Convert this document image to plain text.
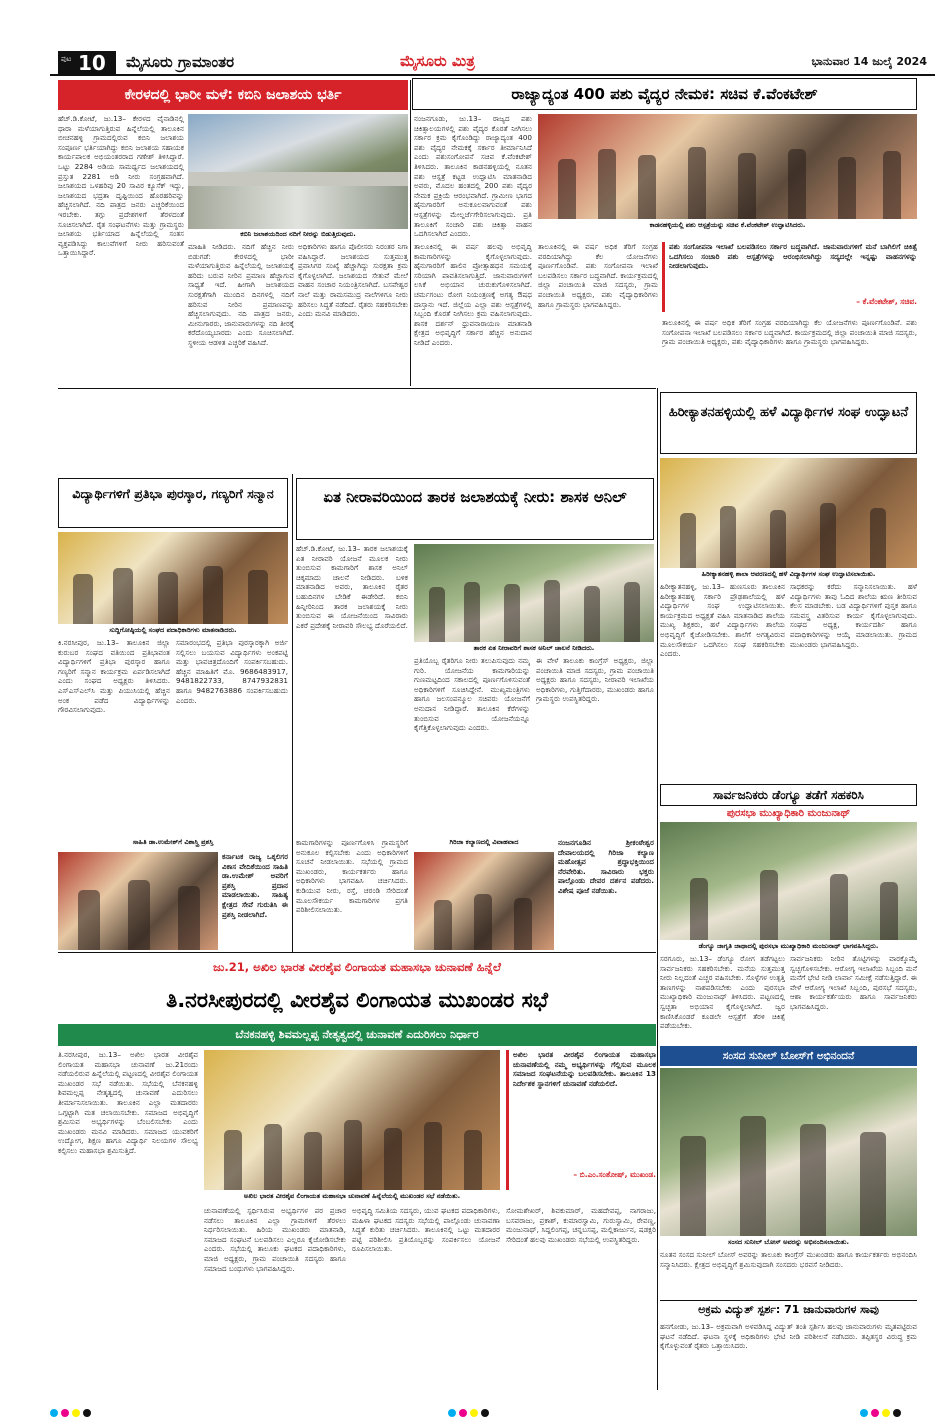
ಪುಟ 10 ಮೈಸೂರು ಗ್ರಾಮಾಂತರ	ಮೈಸೂರು ಮಿತ್ರ	ಭಾನುವಾರ 14 ಜುಲೈ 2024
ಕೇರಳದಲ್ಲಿ ಭಾರೀ ಮಳೆ: ಕಬಿನಿ ಜಲಾಶಯ ಭರ್ತಿ
ಹೆಚ್.ಡಿ.ಕೋಟೆ, ಜು.13– ಕೇರಳದ ವೈನಾಡಿನಲ್ಲಿ ಧಾರಾ ಮಳೆಯಾಗುತ್ತಿರುವ ಹಿನ್ನೆಲೆಯಲ್ಲಿ ತಾಲೂಕಿನ ಬೀಚನಹಳ್ಳಿ ಗ್ರಾಮದಲ್ಲಿರುವ ಕಬಿನಿ ಜಲಾಶಯ ಸಂಪೂರ್ಣ ಭರ್ತಿಯಾಗಿದ್ದು ಕಬಿನಿ ಜಲಾಶಯ ಸಹಾಯಕ ಕಾರ್ಯಪಾಲಕ ಅಭಿಯಂತರರಾದ ಗಣೇಶ್ ತಿಳಿಸಿದ್ದಾರೆ. ಒಟ್ಟು 2284 ಅಡಿಯ ಸಾಮರ್ಥ್ಯದ ಜಲಾಶಯದಲ್ಲಿ ಪ್ರಸ್ತುತ 2281 ಅಡಿ ನೀರು ಸಂಗ್ರಹವಾಗಿದೆ. ಜಲಾಶಯದ ಒಳಹರಿವು 20 ಸಾವಿರ ಕ್ಯೂಸೆಕ್ ಇದ್ದು, ಜಲಾಶಯದ ಭದ್ರತಾ ದೃಷ್ಟಿಯಿಂದ ಹೊರಹರಿವನ್ನು ಹೆಚ್ಚಿಸಲಾಗಿದೆ. ನದಿ ಪಾತ್ರದ ಜನರು ಎಚ್ಚರಿಕೆಯಿಂದ ಇರಬೇಕು. ತಗ್ಗು ಪ್ರದೇಶಗಳಿಗೆ ತೆರಳದಂತೆ ಸೂಚಿಸಲಾಗಿದೆ. ರೈತ ಸಂಘಟನೆಗಳು ಮತ್ತು ಗ್ರಾಮಸ್ಥರು ಜಲಾಶಯ ಭರ್ತಿಯಾದ ಹಿನ್ನೆಲೆಯಲ್ಲಿ ಸಂತಸ ವ್ಯಕ್ತಪಡಿಸಿದ್ದು ಕಾಲುವೆಗಳಿಗೆ ನೀರು ಹರಿಸುವಂತೆ ಒತ್ತಾಯಿಸಿದ್ದಾರೆ.
ಕಬಿನಿ ಜಲಾಶಯದಿಂದ ನದಿಗೆ ನೀರನ್ನು ಬಿಡುತ್ತಿರುವುದು.
ಮಾಹಿತಿ ನೀಡಿದರು. ನದಿಗೆ ಹೆಚ್ಚಿನ ನೀರು ಬಿಡುಗಡೆ: ಕೇರಳದಲ್ಲಿ ಭಾರೀ ಮಳೆಯಾಗುತ್ತಿರುವ ಹಿನ್ನೆಲೆಯಲ್ಲಿ ಜಲಾಶಯಕ್ಕೆ ಹರಿದು ಬರುವ ನೀರಿನ ಪ್ರಮಾಣ ಹೆಚ್ಚಾಗುವ ಸಾಧ್ಯತೆ ಇದೆ. ಹೀಗಾಗಿ ಜಲಾಶಯದ ಸುರಕ್ಷತೆಗಾಗಿ ಮುಂದಿನ ದಿನಗಳಲ್ಲಿ ನದಿಗೆ ಹರಿಸುವ ನೀರಿನ ಪ್ರಮಾಣವನ್ನು ಹೆಚ್ಚಿಸಲಾಗುವುದು. ನದಿ ಪಾತ್ರದ ಜನರು, ಮೀನುಗಾರರು, ಜಾನುವಾರುಗಳನ್ನು ನದಿ ತೀರಕ್ಕೆ ಕರೆದೊಯ್ಯಬಾರದು ಎಂದು ಸೂಚಿಸಲಾಗಿದೆ. ಸ್ಥಳೀಯ ಆಡಳಿತ ಎಚ್ಚರಿಕೆ ವಹಿಸಿದೆ.
ಅಧಿಕಾರಿಗಳು ಹಾಗೂ ಪೊಲೀಸರು ನಿರಂತರ ನಿಗಾ ವಹಿಸಿದ್ದಾರೆ. ಜಲಾಶಯದ ಸುತ್ತಮುತ್ತ ಪ್ರವಾಸಿಗರ ಸಂಖ್ಯೆ ಹೆಚ್ಚಾಗಿದ್ದು ಸುರಕ್ಷತಾ ಕ್ರಮ ಕೈಗೊಳ್ಳಲಾಗಿದೆ. ಜಲಾಶಯದ ಸೇತುವೆ ಮೇಲೆ ವಾಹನ ಸಂಚಾರ ನಿಯಂತ್ರಿಸಲಾಗಿದೆ. ಬಸವೇಶ್ವರ ನಾಲೆ ಮತ್ತು ರಾಮಸಮುದ್ರ ನಾಲೆಗಳಿಗೂ ನೀರು ಹರಿಸಲು ಸಿದ್ಧತೆ ನಡೆದಿದೆ. ರೈತರು ಸಹಕರಿಸಬೇಕು ಎಂದು ಮನವಿ ಮಾಡಿದರು.
ರಾಜ್ಯಾದ್ಯಂತ 400 ಪಶು ವೈದ್ಯರ ನೇಮಕ: ಸಚಿವ ಕೆ.ವೆಂಕಟೇಶ್
ನಂಜನಗೂಡು, ಜು.13– ರಾಜ್ಯದ ಪಶು ಚಿಕಿತ್ಸಾಲಯಗಳಲ್ಲಿ ಪಶು ವೈದ್ಯರ ಕೊರತೆ ನೀಗಿಸಲು ಸರ್ಕಾರ ಕ್ರಮ ಕೈಗೊಂಡಿದ್ದು ರಾಜ್ಯಾದ್ಯಂತ 400 ಪಶು ವೈದ್ಯರ ನೇಮಕಕ್ಕೆ ಸರ್ಕಾರ ತೀರ್ಮಾನಿಸಿದೆ ಎಂದು ಪಶುಸಂಗೋಪನೆ ಸಚಿವ ಕೆ.ವೆಂಕಟೇಶ್ ತಿಳಿಸಿದರು. ತಾಲೂಕಿನ ಕಾಡನಹಳ್ಳಿಯಲ್ಲಿ ನೂತನ ಪಶು ಆಸ್ಪತ್ರೆ ಕಟ್ಟಡ ಉದ್ಘಾಟಿಸಿ ಮಾತನಾಡಿದ ಅವರು, ಮೊದಲ ಹಂತದಲ್ಲಿ 200 ಪಶು ವೈದ್ಯರ ನೇಮಕ ಪ್ರಕ್ರಿಯೆ ಆರಂಭವಾಗಿದೆ. ಗ್ರಾಮೀಣ ಭಾಗದ ಹೈನುಗಾರರಿಗೆ ಅನುಕೂಲವಾಗುವಂತೆ ಪಶು ಆಸ್ಪತ್ರೆಗಳನ್ನು ಮೇಲ್ದರ್ಜೆಗೇರಿಸಲಾಗುವುದು. ಪ್ರತಿ ತಾಲೂಕಿಗೆ ಸಂಚಾರಿ ಪಶು ಚಿಕಿತ್ಸಾ ವಾಹನ ಒದಗಿಸಲಾಗಿದೆ ಎಂದರು.
ಕಾಡನಹಳ್ಳಿಯಲ್ಲಿ ಪಶು ಆಸ್ಪತ್ರೆಯನ್ನು ಸಚಿವ ಕೆ.ವೆಂಕಟೇಶ್ ಉದ್ಘಾಟಿಸಿದರು.
ತಾಲೂಕಿನಲ್ಲಿ ಈ ವರ್ಷ ಹಲವು ಅಭಿವೃದ್ಧಿ ಕಾಮಗಾರಿಗಳನ್ನು ಕೈಗೊಳ್ಳಲಾಗುವುದು. ಹೈನುಗಾರರಿಗೆ ಹಾಲಿನ ಪ್ರೋತ್ಸಾಹಧನ ಸಮಯಕ್ಕೆ ಸರಿಯಾಗಿ ಪಾವತಿಸಲಾಗುತ್ತಿದೆ. ಜಾನುವಾರುಗಳಿಗೆ ಲಸಿಕೆ ಅಭಿಯಾನ ಚುರುಕುಗೊಳಿಸಲಾಗಿದೆ. ಚರ್ಮಗಂಟು ರೋಗ ನಿಯಂತ್ರಣಕ್ಕೆ ಅಗತ್ಯ ಔಷಧ ದಾಸ್ತಾನು ಇದೆ. ಜಿಲ್ಲೆಯ ಎಲ್ಲಾ ಪಶು ಆಸ್ಪತ್ರೆಗಳಲ್ಲಿ ಸಿಬ್ಬಂದಿ ಕೊರತೆ ನೀಗಿಸಲು ಕ್ರಮ ವಹಿಸಲಾಗುವುದು. ಶಾಸಕ ದರ್ಶನ್ ಧ್ರುವನಾರಾಯಣ ಮಾತನಾಡಿ ಕ್ಷೇತ್ರದ ಅಭಿವೃದ್ಧಿಗೆ ಸರ್ಕಾರ ಹೆಚ್ಚಿನ ಅನುದಾನ ನೀಡಿದೆ ಎಂದರು.
ತಾಲೂಕಿನಲ್ಲಿ ಈ ವರ್ಷ ಅಧಿಕ ತೆರಿಗೆ ಸಂಗ್ರಹ ವರದಿಯಾಗಿದ್ದು ಕೆಲ ಯೋಜನೆಗಳು ಪೂರ್ಣಗೊಂಡಿವೆ. ಪಶು ಸಂಗೋಪನಾ ಇಲಾಖೆ ಬಲಪಡಿಸಲು ಸರ್ಕಾರ ಬದ್ಧವಾಗಿದೆ. ಕಾರ್ಯಕ್ರಮದಲ್ಲಿ ಜಿಲ್ಲಾ ಪಂಚಾಯಿತಿ ಮಾಜಿ ಸದಸ್ಯರು, ಗ್ರಾಮ ಪಂಚಾಯಿತಿ ಅಧ್ಯಕ್ಷರು, ಪಶು ವೈದ್ಯಾಧಿಕಾರಿಗಳು ಹಾಗೂ ಗ್ರಾಮಸ್ಥರು ಭಾಗವಹಿಸಿದ್ದರು.
ಪಶು ಸಂಗೋಪನಾ ಇಲಾಖೆ ಬಲಪಡಿಸಲು ಸರ್ಕಾರ ಬದ್ಧವಾಗಿದೆ. ಜಾನುವಾರುಗಳಿಗೆ ಮನೆ ಬಾಗಿಲಿಗೆ ಚಿಕಿತ್ಸೆ ಒದಗಿಸಲು ಸಂಚಾರಿ ಪಶು ಆಸ್ಪತ್ರೆಗಳನ್ನು ಆರಂಭಿಸಲಾಗಿದ್ದು ಸದ್ಯದಲ್ಲೇ ಇನ್ನಷ್ಟು ವಾಹನಗಳನ್ನು ನೀಡಲಾಗುವುದು.
– ಕೆ.ವೆಂಕಟೇಶ್, ಸಚಿವ.
ತಾಲೂಕಿನಲ್ಲಿ ಈ ವರ್ಷ ಅಧಿಕ ತೆರಿಗೆ ಸಂಗ್ರಹ ವರದಿಯಾಗಿದ್ದು ಕೆಲ ಯೋಜನೆಗಳು ಪೂರ್ಣಗೊಂಡಿವೆ. ಪಶು ಸಂಗೋಪನಾ ಇಲಾಖೆ ಬಲಪಡಿಸಲು ಸರ್ಕಾರ ಬದ್ಧವಾಗಿದೆ. ಕಾರ್ಯಕ್ರಮದಲ್ಲಿ ಜಿಲ್ಲಾ ಪಂಚಾಯಿತಿ ಮಾಜಿ ಸದಸ್ಯರು, ಗ್ರಾಮ ಪಂಚಾಯಿತಿ ಅಧ್ಯಕ್ಷರು, ಪಶು ವೈದ್ಯಾಧಿಕಾರಿಗಳು ಹಾಗೂ ಗ್ರಾಮಸ್ಥರು ಭಾಗವಹಿಸಿದ್ದರು.
ಹಿರೀಕ್ಯಾತನಹಳ್ಳಿಯಲ್ಲಿ ಹಳೆ ವಿದ್ಯಾರ್ಥಿಗಳ ಸಂಘ ಉದ್ಘಾಟನೆ
ಹಿರೀಕ್ಯಾತನಹಳ್ಳಿ ಶಾಲಾ ಆವರಣದಲ್ಲಿ ಹಳೆ ವಿದ್ಯಾರ್ಥಿಗಳ ಸಂಘ ಉದ್ಘಾಟಿಸಲಾಯಿತು.
ಹಿರೀಕ್ಯಾತನಹಳ್ಳಿ, ಜು.13– ಹುಣಸೂರು ತಾಲೂಕಿನ ಹಿರೀಕ್ಯಾತನಹಳ್ಳಿ ಸರ್ಕಾರಿ ಪ್ರೌಢಶಾಲೆಯಲ್ಲಿ ಹಳೆ ವಿದ್ಯಾರ್ಥಿಗಳ ಸಂಘ ಉದ್ಘಾಟಿಸಲಾಯಿತು. ಕಾರ್ಯಕ್ರಮದ ಅಧ್ಯಕ್ಷತೆ ವಹಿಸಿ ಮಾತನಾಡಿದ ಶಾಲೆಯ ಮುಖ್ಯ ಶಿಕ್ಷಕರು, ಹಳೆ ವಿದ್ಯಾರ್ಥಿಗಳು ಶಾಲೆಯ ಅಭಿವೃದ್ಧಿಗೆ ಕೈಜೋಡಿಸಬೇಕು. ಶಾಲೆಗೆ ಅಗತ್ಯವಿರುವ ಮೂಲಸೌಕರ್ಯ ಒದಗಿಸಲು ಸಂಘ ಸಹಕರಿಸಬೇಕು ಎಂದರು.
ಸಾಧಕರನ್ನು ಕರೆದು ಸನ್ಮಾನಿಸಲಾಯಿತು. ಹಳೆ ವಿದ್ಯಾರ್ಥಿಗಳು ತಾವು ಓದಿದ ಶಾಲೆಯ ಋಣ ತೀರಿಸುವ ಕೆಲಸ ಮಾಡಬೇಕು. ಬಡ ವಿದ್ಯಾರ್ಥಿಗಳಿಗೆ ಪುಸ್ತಕ ಹಾಗೂ ಸಮವಸ್ತ್ರ ವಿತರಿಸುವ ಕಾರ್ಯ ಕೈಗೊಳ್ಳಲಾಗುವುದು. ಸಂಘದ ಅಧ್ಯಕ್ಷ, ಕಾರ್ಯದರ್ಶಿ ಹಾಗೂ ಪದಾಧಿಕಾರಿಗಳನ್ನು ಆಯ್ಕೆ ಮಾಡಲಾಯಿತು. ಗ್ರಾಮದ ಮುಖಂಡರು ಭಾಗವಹಿಸಿದ್ದರು.
ವಿದ್ಯಾರ್ಥಿಗಳಿಗೆ ಪ್ರತಿಭಾ ಪುರಸ್ಕಾರ, ಗಣ್ಯರಿಗೆ ಸನ್ಮಾನ
ಸುದ್ದಿಗೋಷ್ಠಿಯಲ್ಲಿ ಸಂಘದ ಪದಾಧಿಕಾರಿಗಳು ಮಾತನಾಡಿದರು.
ಕಿ.ನರಸೀಪುರ, ಜು.13– ತಾಲೂಕಿನ ಜಿಲ್ಲಾ ಕುರುಬರ ಸಂಘದ ವತಿಯಿಂದ ಪ್ರತಿಭಾವಂತ ವಿದ್ಯಾರ್ಥಿಗಳಿಗೆ ಪ್ರತಿಭಾ ಪುರಸ್ಕಾರ ಹಾಗೂ ಗಣ್ಯರಿಗೆ ಸನ್ಮಾನ ಕಾರ್ಯಕ್ರಮ ಏರ್ಪಡಿಸಲಾಗಿದೆ ಎಂದು ಸಂಘದ ಅಧ್ಯಕ್ಷರು ತಿಳಿಸಿದರು. ಎಸ್ಎಸ್ಎಲ್‌ಸಿ ಮತ್ತು ಪಿಯುಸಿಯಲ್ಲಿ ಹೆಚ್ಚಿನ ಅಂಕ ಪಡೆದ ವಿದ್ಯಾರ್ಥಿಗಳನ್ನು ಗೌರವಿಸಲಾಗುವುದು.
ಸಮಾರಂಭದಲ್ಲಿ ಪ್ರತಿಭಾ ಪುರಸ್ಕಾರಕ್ಕಾಗಿ ಅರ್ಜಿ ಸಲ್ಲಿಸಲು ಬಯಸುವ ವಿದ್ಯಾರ್ಥಿಗಳು ಅಂಕಪಟ್ಟಿ ಮತ್ತು ಭಾವಚಿತ್ರದೊಂದಿಗೆ ಸಂಪರ್ಕಿಸಬಹುದು. ಹೆಚ್ಚಿನ ಮಾಹಿತಿಗೆ ಮೊ. 9686483917, 9481822733, 8747932831 ಹಾಗೂ 9482763886 ಸಂಪರ್ಕಿಸಬಹುದು ಎಂದರು.
ಸಾಹಿತಿ ಡಾ.ಉಮೇಶ್‌ಗೆ ವಿಶಾಸ್ತ್ರಿ ಪ್ರಶಸ್ತಿ
ಕರ್ನಾಟಕ ರಾಜ್ಯ ಒಕ್ಕಲಿಗರ ವಿಕಾಸ ವೇದಿಕೆಯಿಂದ ಸಾಹಿತಿ ಡಾ.ಉಮೇಶ್ ಅವರಿಗೆ ಪ್ರಶಸ್ತಿ ಪ್ರದಾನ ಮಾಡಲಾಯಿತು. ಸಾಹಿತ್ಯ ಕ್ಷೇತ್ರದ ಸೇವೆ ಗುರುತಿಸಿ ಈ ಪ್ರಶಸ್ತಿ ನೀಡಲಾಗಿದೆ.
ಏತ ನೀರಾವರಿಯಿಂದ ತಾರಕ ಜಲಾಶಯಕ್ಕೆ ನೀರು: ಶಾಸಕ ಅನಿಲ್
ಹೆಚ್.ಡಿ.ಕೋಟೆ, ಜು.13– ತಾರಕ ಜಲಾಶಯಕ್ಕೆ ಏತ ನೀರಾವರಿ ಯೋಜನೆ ಮೂಲಕ ನೀರು ತುಂಬಿಸುವ ಕಾಮಗಾರಿಗೆ ಶಾಸಕ ಅನಿಲ್ ಚಿಕ್ಕಮಾದು ಚಾಲನೆ ನೀಡಿದರು. ಬಳಿಕ ಮಾತನಾಡಿದ ಅವರು, ತಾಲೂಕಿನ ರೈತರ ಬಹುದಿನಗಳ ಬೇಡಿಕೆ ಈಡೇರಿದೆ. ಕಬಿನಿ ಹಿನ್ನೀರಿನಿಂದ ತಾರಕ ಜಲಾಶಯಕ್ಕೆ ನೀರು ತುಂಬಿಸುವ ಈ ಯೋಜನೆಯಿಂದ ಸಾವಿರಾರು ಎಕರೆ ಪ್ರದೇಶಕ್ಕೆ ನೀರಾವರಿ ಸೌಲಭ್ಯ ದೊರೆಯಲಿದೆ.
ತಾರಕ ಏತ ನೀರಾವರಿಗೆ ಶಾಸಕ ಅನಿಲ್ ಚಾಲನೆ ನೀಡಿದರು.
ಪ್ರತಿಯೊಬ್ಬ ರೈತರಿಗೂ ನೀರು ತಲುಪಿಸುವುದು ನಮ್ಮ ಗುರಿ. ಯೋಜನೆಯ ಕಾಮಗಾರಿಯನ್ನು ಗುಣಮಟ್ಟದಿಂದ ಸಕಾಲದಲ್ಲಿ ಪೂರ್ಣಗೊಳಿಸುವಂತೆ ಅಧಿಕಾರಿಗಳಿಗೆ ಸೂಚಿಸಿದ್ದೇನೆ. ಮುಖ್ಯಮಂತ್ರಿಗಳು ಹಾಗೂ ಜಲಸಂಪನ್ಮೂಲ ಸಚಿವರು ಯೋಜನೆಗೆ ಅನುದಾನ ನೀಡಿದ್ದಾರೆ. ತಾಲೂಕಿನ ಕೆರೆಗಳನ್ನು ತುಂಬಿಸುವ ಯೋಜನೆಯನ್ನೂ ಕೈಗೆತ್ತಿಕೊಳ್ಳಲಾಗುವುದು ಎಂದರು.
ಈ ವೇಳೆ ತಾಲೂಕು ಕಾಂಗ್ರೆಸ್ ಅಧ್ಯಕ್ಷರು, ಜಿಲ್ಲಾ ಪಂಚಾಯಿತಿ ಮಾಜಿ ಸದಸ್ಯರು, ಗ್ರಾಮ ಪಂಚಾಯಿತಿ ಅಧ್ಯಕ್ಷರು ಹಾಗೂ ಸದಸ್ಯರು, ನೀರಾವರಿ ಇಲಾಖೆಯ ಅಧಿಕಾರಿಗಳು, ಗುತ್ತಿಗೆದಾರರು, ಮುಖಂಡರು ಹಾಗೂ ಗ್ರಾಮಸ್ಥರು ಉಪಸ್ಥಿತರಿದ್ದರು.
ಕಾಮಗಾರಿಗಳನ್ನು ಪೂರ್ಣಗೊಳಿಸಿ ಗ್ರಾಮಸ್ಥರಿಗೆ ಅನುಕೂಲ ಕಲ್ಪಿಸಬೇಕು ಎಂದು ಅಧಿಕಾರಿಗಳಿಗೆ ಸೂಚನೆ ನೀಡಲಾಯಿತು. ಸಭೆಯಲ್ಲಿ ಗ್ರಾಮದ ಮುಖಂಡರು, ಕಾರ್ಯಕರ್ತರು ಹಾಗೂ ಅಧಿಕಾರಿಗಳು ಭಾಗವಹಿಸಿ ಚರ್ಚಿಸಿದರು. ಕುಡಿಯುವ ನೀರು, ರಸ್ತೆ, ಚರಂಡಿ ಸೇರಿದಂತೆ ಮೂಲಸೌಕರ್ಯ ಕಾಮಗಾರಿಗಳ ಪ್ರಗತಿ ಪರಿಶೀಲಿಸಲಾಯಿತು.
ಗಿರಿಜಾ ಕಲ್ಯಾಣದಲ್ಲಿ ವಿವಾಹವಾದ	ನಂಜನಗೂಡಿನ ಶ್ರೀಕಂಠೇಶ್ವರ ದೇವಾಲಯದಲ್ಲಿ ಗಿರಿಜಾ ಕಲ್ಯಾಣ ಮಹೋತ್ಸವ ಶ್ರದ್ಧಾಭಕ್ತಿಯಿಂದ ನೆರವೇರಿತು. ಸಾವಿರಾರು ಭಕ್ತರು ಪಾಲ್ಗೊಂಡು ದೇವರ ದರ್ಶನ ಪಡೆದರು. ವಿಶೇಷ ಪೂಜೆ ನಡೆಯಿತು.
ಸಾರ್ವಜನಿಕರು ಡೆಂಗ್ಯೂ ತಡೆಗೆ ಸಹಕರಿಸಿ
ಪುರಸಭಾ ಮುಖ್ಯಾಧಿಕಾರಿ ಮಂಜುನಾಥ್
ಡೆಂಗ್ಯೂ ಜಾಗೃತಿ ಜಾಥಾದಲ್ಲಿ ಪುರಸಭಾ ಮುಖ್ಯಾಧಿಕಾರಿ ಮಂಜುನಾಥ್ ಭಾಗವಹಿಸಿದ್ದರು.
ಸರಗೂರು, ಜು.13– ಡೆಂಗ್ಯೂ ರೋಗ ತಡೆಗಟ್ಟಲು ಸಾರ್ವಜನಿಕರು ಸಹಕರಿಸಬೇಕು. ಮನೆಯ ಸುತ್ತಮುತ್ತ ನೀರು ನಿಲ್ಲದಂತೆ ಎಚ್ಚರ ವಹಿಸಬೇಕು. ಸೊಳ್ಳೆಗಳ ಉತ್ಪತ್ತಿ ತಾಣಗಳನ್ನು ನಾಶಪಡಿಸಬೇಕು ಎಂದು ಪುರಸಭಾ ಮುಖ್ಯಾಧಿಕಾರಿ ಮಂಜುನಾಥ್ ತಿಳಿಸಿದರು. ಪಟ್ಟಣದಲ್ಲಿ ಸ್ವಚ್ಛತಾ ಅಭಿಯಾನ ಕೈಗೊಳ್ಳಲಾಗಿದೆ. ಜ್ವರ ಕಾಣಿಸಿಕೊಂಡರೆ ಕೂಡಲೇ ಆಸ್ಪತ್ರೆಗೆ ತೆರಳಿ ಚಿಕಿತ್ಸೆ ಪಡೆಯಬೇಕು.
ಸಾರ್ವಜನಿಕರು ನೀರಿನ ತೊಟ್ಟಿಗಳನ್ನು ವಾರಕ್ಕೊಮ್ಮೆ ಸ್ವಚ್ಛಗೊಳಿಸಬೇಕು. ಆರೋಗ್ಯ ಇಲಾಖೆಯ ಸಿಬ್ಬಂದಿ ಮನೆ ಮನೆಗೆ ಭೇಟಿ ನೀಡಿ ಲಾರ್ವಾ ಸಮೀಕ್ಷೆ ನಡೆಸುತ್ತಿದ್ದಾರೆ. ಈ ವೇಳೆ ಆರೋಗ್ಯ ಇಲಾಖೆ ಸಿಬ್ಬಂದಿ, ಪುರಸಭೆ ಸದಸ್ಯರು, ಆಶಾ ಕಾರ್ಯಕರ್ತೆಯರು ಹಾಗೂ ಸಾರ್ವಜನಿಕರು ಭಾಗವಹಿಸಿದ್ದರು.
ಜು.21, ಅಖಿಲ ಭಾರತ ವೀರಶೈವ ಲಿಂಗಾಯತ ಮಹಾಸಭಾ ಚುನಾವಣೆ ಹಿನ್ನೆಲೆ
ತಿ.ನರಸೀಪುರದಲ್ಲಿ ವೀರಶೈವ ಲಿಂಗಾಯತ ಮುಖಂಡರ ಸಭೆ
ಬೆನಕನಹಳ್ಳಿ ಶಿವಮಲ್ಲಪ್ಪ ನೇತೃತ್ವದಲ್ಲಿ ಚುನಾವಣೆ ಎದುರಿಸಲು ನಿರ್ಧಾರ
ತಿ.ನರಸೀಪುರ, ಜು.13– ಅಖಿಲ ಭಾರತ ವೀರಶೈವ ಲಿಂಗಾಯತ ಮಹಾಸಭಾ ಚುನಾವಣೆ ಜು.21ರಂದು ನಡೆಯಲಿರುವ ಹಿನ್ನೆಲೆಯಲ್ಲಿ ಪಟ್ಟಣದಲ್ಲಿ ವೀರಶೈವ ಲಿಂಗಾಯತ ಮುಖಂಡರ ಸಭೆ ನಡೆಯಿತು. ಸಭೆಯಲ್ಲಿ ಬೆನಕನಹಳ್ಳಿ ಶಿವಮಲ್ಲಪ್ಪ ನೇತೃತ್ವದಲ್ಲಿ ಚುನಾವಣೆ ಎದುರಿಸಲು ತೀರ್ಮಾನಿಸಲಾಯಿತು. ತಾಲೂಕಿನ ಎಲ್ಲಾ ಮತದಾರರು ಒಗ್ಗಟ್ಟಾಗಿ ಮತ ಚಲಾಯಿಸಬೇಕು. ಸಮಾಜದ ಅಭಿವೃದ್ಧಿಗೆ ಶ್ರಮಿಸುವ ಅಭ್ಯರ್ಥಿಗಳನ್ನು ಬೆಂಬಲಿಸಬೇಕು ಎಂದು ಮುಖಂಡರು ಮನವಿ ಮಾಡಿದರು. ಸಮಾಜದ ಯುವಕರಿಗೆ ಉದ್ಯೋಗ, ಶಿಕ್ಷಣ ಹಾಗೂ ವಿದ್ಯಾರ್ಥಿ ನಿಲಯಗಳ ಸೌಲಭ್ಯ ಕಲ್ಪಿಸಲು ಮಹಾಸಭಾ ಶ್ರಮಿಸುತ್ತಿದೆ.
ಅಖಿಲ ಭಾರತ ವೀರಶೈವ ಲಿಂಗಾಯತ ಮಹಾಸಭಾ ಚುನಾವಣೆ ಹಿನ್ನೆಲೆಯಲ್ಲಿ ಮುಖಂಡರ ಸಭೆ ನಡೆಯಿತು.
ಅಖಿಲ ಭಾರತ ವೀರಶೈವ ಲಿಂಗಾಯತ ಮಹಾಸಭಾ ಚುನಾವಣೆಯಲ್ಲಿ ನಮ್ಮ ಅಭ್ಯರ್ಥಿಗಳನ್ನು ಗೆಲ್ಲಿಸುವ ಮೂಲಕ ಸಮಾಜದ ಸಂಘಟನೆಯನ್ನು ಬಲಪಡಿಸಬೇಕು. ತಾಲೂಕಿನ 13 ನಿರ್ದೇಶಕ ಸ್ಥಾನಗಳಿಗೆ ಚುನಾವಣೆ ನಡೆಯಲಿದೆ.
– ಬಿ.ಎಂ.ಸಂತೋಷ್, ಮುಖಂಡ.
ಚುನಾವಣೆಯಲ್ಲಿ ಸ್ಪರ್ಧಿಸಿರುವ ಅಭ್ಯರ್ಥಿಗಳ ಪರ ಪ್ರಚಾರ ನಡೆಸಲು ತಾಲೂಕಿನ ಎಲ್ಲಾ ಗ್ರಾಮಗಳಿಗೆ ತೆರಳಲು ನಿರ್ಧರಿಸಲಾಯಿತು. ಹಿರಿಯ ಮುಖಂಡರು ಮಾತನಾಡಿ, ಸಮಾಜದ ಸಂಘಟನೆ ಬಲಪಡಿಸಲು ಎಲ್ಲರೂ ಕೈಜೋಡಿಸಬೇಕು ಎಂದರು. ಸಭೆಯಲ್ಲಿ ತಾಲೂಕು ಘಟಕದ ಪದಾಧಿಕಾರಿಗಳು, ಮಾಜಿ ಅಧ್ಯಕ್ಷರು, ಗ್ರಾಮ ಪಂಚಾಯಿತಿ ಸದಸ್ಯರು ಹಾಗೂ ಸಮಾಜದ ಬಂಧುಗಳು ಭಾಗವಹಿಸಿದ್ದರು.
ಅಭಿವೃದ್ಧಿ ಸಮಿತಿಯ ಸದಸ್ಯರು, ಯುವ ಘಟಕದ ಪದಾಧಿಕಾರಿಗಳು, ಮಹಿಳಾ ಘಟಕದ ಸದಸ್ಯರು ಸಭೆಯಲ್ಲಿ ಪಾಲ್ಗೊಂಡು ಚುನಾವಣಾ ಸಿದ್ಧತೆ ಕುರಿತು ಚರ್ಚಿಸಿದರು. ತಾಲೂಕಿನಲ್ಲಿ ಒಟ್ಟು ಮತದಾರರ ಪಟ್ಟಿ ಪರಿಶೀಲಿಸಿ ಪ್ರತಿಯೊಬ್ಬರನ್ನು ಸಂಪರ್ಕಿಸಲು ಯೋಜನೆ ರೂಪಿಸಲಾಯಿತು.
ಸೋಮಶೇಖರ್, ಶಿವಕುಮಾರ್, ಮಹದೇವಪ್ಪ, ನಾಗರಾಜು, ಬಸವರಾಜು, ಪ್ರಕಾಶ್, ಕುಮಾರಸ್ವಾಮಿ, ಗುರುಸ್ವಾಮಿ, ರೇವಣ್ಣ, ಮಂಜುನಾಥ್, ಸಿದ್ದಲಿಂಗಪ್ಪ, ಚನ್ನಬಸಪ್ಪ, ಮಲ್ಲಿಕಾರ್ಜುನ, ಷಡಕ್ಷರಿ ಸೇರಿದಂತೆ ಹಲವು ಮುಖಂಡರು ಸಭೆಯಲ್ಲಿ ಉಪಸ್ಥಿತರಿದ್ದರು.
ಸಂಸದ ಸುನೀಲ್ ಬೋಸ್‌ಗೆ ಅಭಿನಂದನೆ
ಸಂಸದ ಸುನೀಲ್ ಬೋಸ್ ಅವರನ್ನು ಅಭಿನಂದಿಸಲಾಯಿತು.
ನೂತನ ಸಂಸದ ಸುನೀಲ್ ಬೋಸ್ ಅವರನ್ನು ತಾಲೂಕು ಕಾಂಗ್ರೆಸ್ ಮುಖಂಡರು ಹಾಗೂ ಕಾರ್ಯಕರ್ತರು ಅಭಿನಂದಿಸಿ ಸನ್ಮಾನಿಸಿದರು. ಕ್ಷೇತ್ರದ ಅಭಿವೃದ್ಧಿಗೆ ಶ್ರಮಿಸುವುದಾಗಿ ಸಂಸದರು ಭರವಸೆ ನೀಡಿದರು.
ಅಕ್ರಮ ವಿದ್ಯುತ್ ಸ್ಪರ್ಶ: 71 ಜಾನುವಾರುಗಳ ಸಾವು
ಹನಗೋಡು, ಜು.13– ಅಕ್ರಮವಾಗಿ ಅಳವಡಿಸಿದ್ದ ವಿದ್ಯುತ್ ತಂತಿ ಸ್ಪರ್ಶಿಸಿ ಹಲವು ಜಾನುವಾರುಗಳು ಮೃತಪಟ್ಟಿರುವ ಘಟನೆ ನಡೆದಿದೆ. ಘಟನಾ ಸ್ಥಳಕ್ಕೆ ಅಧಿಕಾರಿಗಳು ಭೇಟಿ ನೀಡಿ ಪರಿಶೀಲನೆ ನಡೆಸಿದರು. ತಪ್ಪಿತಸ್ಥರ ವಿರುದ್ಧ ಕ್ರಮ ಕೈಗೊಳ್ಳುವಂತೆ ರೈತರು ಒತ್ತಾಯಿಸಿದರು.
